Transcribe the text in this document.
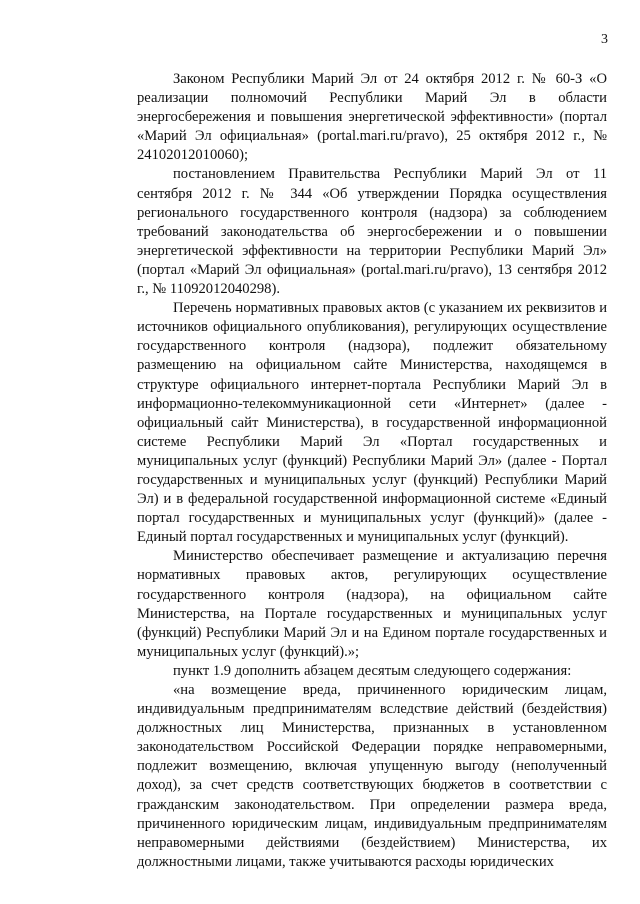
3

Законом Республики Марий Эл от 24 октября 2012 г. № 60-З «О реализации полномочий Республики Марий Эл в области энергосбережения и повышения энергетической эффективности» (портал «Марий Эл официальная» (portal.mari.ru/pravo), 25 октября 2012 г., № 24102012010060);

постановлением Правительства Республики Марий Эл от 11 сентября 2012 г. № 344 «Об утверждении Порядка осуществления регионального государственного контроля (надзора) за соблюдением требований законодательства об энергосбережении и о повышении энергетической эффективности на территории Республики Марий Эл» (портал «Марий Эл официальная» (portal.mari.ru/pravo), 13 сентября 2012 г., № 11092012040298).

Перечень нормативных правовых актов (с указанием их реквизитов и источников официального опубликования), регулирующих осуществление государственного контроля (надзора), подлежит обязательному размещению на официальном сайте Министерства, находящемся в структуре официального интернет-портала Республики Марий Эл в информационно-телекоммуникационной сети «Интернет» (далее - официальный сайт Министерства), в государственной информационной системе Республики Марий Эл «Портал государственных и муниципальных услуг (функций) Республики Марий Эл» (далее - Портал государственных и муниципальных услуг (функций) Республики Марий Эл) и в федеральной государственной информационной системе «Единый портал государственных и муниципальных услуг (функций)» (далее - Единый портал государственных и муниципальных услуг (функций).

Министерство обеспечивает размещение и актуализацию перечня нормативных правовых актов, регулирующих осуществление государственного контроля (надзора), на официальном сайте Министерства, на Портале государственных и муниципальных услуг (функций) Республики Марий Эл и на Едином портале государственных и муниципальных услуг (функций).»;

пункт 1.9 дополнить абзацем десятым следующего содержания:

«на возмещение вреда, причиненного юридическим лицам, индивидуальным предпринимателям вследствие действий (бездействия) должностных лиц Министерства, признанных в установленном законодательством Российской Федерации порядке неправомерными, подлежит возмещению, включая упущенную выгоду (неполученный доход), за счет средств соответствующих бюджетов в соответствии с гражданским законодательством. При определении размера вреда, причиненного юридическим лицам, индивидуальным предпринимателям неправомерными действиями (бездействием) Министерства, их должностными лицами, также учитываются расходы юридических
